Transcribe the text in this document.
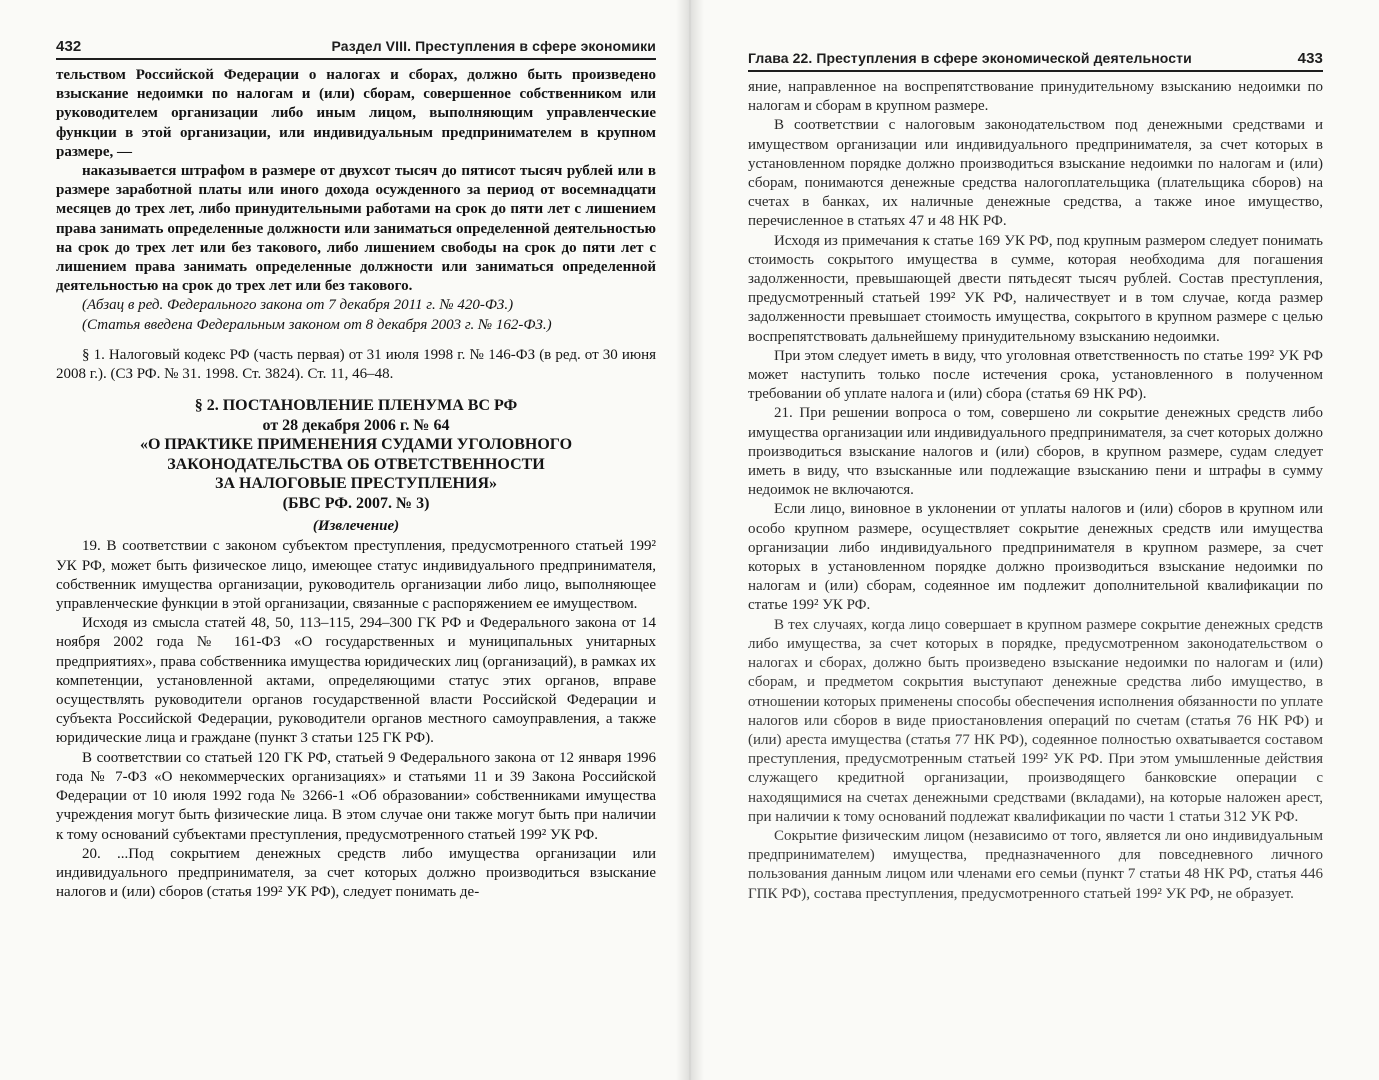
432	Раздел VIII. Преступления в сфере экономики

тельством Российской Федерации о налогах и сборах, должно быть произведено взыскание недоимки по налогам и (или) сборам, совершенное собственником или руководителем организации либо иным лицом, выполняющим управленческие функции в этой организации, или индивидуальным предпринимателем в крупном размере, —

наказывается штрафом в размере от двухсот тысяч до пятисот тысяч рублей или в размере заработной платы или иного дохода осужденного за период от восемнадцати месяцев до трех лет, либо принудительными работами на срок до пяти лет с лишением права занимать определенные должности или заниматься определенной деятельностью на срок до трех лет или без такового, либо лишением свободы на срок до пяти лет с лишением права занимать определенные должности или заниматься определенной деятельностью на срок до трех лет или без такового.

(Абзац в ред. Федерального закона от 7 декабря 2011 г. № 420-ФЗ.)

(Статья введена Федеральным законом от 8 декабря 2003 г. № 162-ФЗ.)

§ 1. Налоговый кодекс РФ (часть первая) от 31 июля 1998 г. № 146-ФЗ (в ред. от 30 июня 2008 г.). (СЗ РФ. № 31. 1998. Ст. 3824). Ст. 11, 46–48.

§ 2. ПОСТАНОВЛЕНИЕ ПЛЕНУМА ВС РФ
от 28 декабря 2006 г. № 64
«О ПРАКТИКЕ ПРИМЕНЕНИЯ СУДАМИ УГОЛОВНОГО
ЗАКОНОДАТЕЛЬСТВА ОБ ОТВЕТСТВЕННОСТИ
ЗА НАЛОГОВЫЕ ПРЕСТУПЛЕНИЯ»
(БВС РФ. 2007. № 3)
(Извлечение)

19. В соответствии с законом субъектом преступления, предусмотренного статьей 199² УК РФ, может быть физическое лицо, имеющее статус индивидуального предпринимателя, собственник имущества организации, руководитель организации либо лицо, выполняющее управленческие функции в этой организации, связанные с распоряжением ее имуществом.

Исходя из смысла статей 48, 50, 113–115, 294–300 ГК РФ и Федерального закона от 14 ноября 2002 года № 161-ФЗ «О государственных и муниципальных унитарных предприятиях», права собственника имущества юридических лиц (организаций), в рамках их компетенции, установленной актами, определяющими статус этих органов, вправе осуществлять руководители органов государственной власти Российской Федерации и субъекта Российской Федерации, руководители органов местного самоуправления, а также юридические лица и граждане (пункт 3 статьи 125 ГК РФ).

В соответствии со статьей 120 ГК РФ, статьей 9 Федерального закона от 12 января 1996 года № 7-ФЗ «О некоммерческих организациях» и статьями 11 и 39 Закона Российской Федерации от 10 июля 1992 года № 3266-1 «Об образовании» собственниками имущества учреждения могут быть физические лица. В этом случае они также могут быть при наличии к тому оснований субъектами преступления, предусмотренного статьей 199² УК РФ.

20. ...Под сокрытием денежных средств либо имущества организации или индивидуального предпринимателя, за счет которых должно производиться взыскание налогов и (или) сборов (статья 199² УК РФ), следует понимать де-

Глава 22. Преступления в сфере экономической деятельности	433

яние, направленное на воспрепятствование принудительному взысканию недоимки по налогам и сборам в крупном размере.

В соответствии с налоговым законодательством под денежными средствами и имуществом организации или индивидуального предпринимателя, за счет которых в установленном порядке должно производиться взыскание недоимки по налогам и (или) сборам, понимаются денежные средства налогоплательщика (плательщика сборов) на счетах в банках, их наличные денежные средства, а также иное имущество, перечисленное в статьях 47 и 48 НК РФ.

Исходя из примечания к статье 169 УК РФ, под крупным размером следует понимать стоимость сокрытого имущества в сумме, которая необходима для погашения задолженности, превышающей двести пятьдесят тысяч рублей. Состав преступления, предусмотренный статьей 199² УК РФ, наличествует и в том случае, когда размер задолженности превышает стоимость имущества, сокрытого в крупном размере с целью воспрепятствовать дальнейшему принудительному взысканию недоимки.

При этом следует иметь в виду, что уголовная ответственность по статье 199² УК РФ может наступить только после истечения срока, установленного в полученном требовании об уплате налога и (или) сбора (статья 69 НК РФ).

21. При решении вопроса о том, совершено ли сокрытие денежных средств либо имущества организации или индивидуального предпринимателя, за счет которых должно производиться взыскание налогов и (или) сборов, в крупном размере, судам следует иметь в виду, что взысканные или подлежащие взысканию пени и штрафы в сумму недоимок не включаются.

Если лицо, виновное в уклонении от уплаты налогов и (или) сборов в крупном или особо крупном размере, осуществляет сокрытие денежных средств или имущества организации либо индивидуального предпринимателя в крупном размере, за счет которых в установленном порядке должно производиться взыскание недоимки по налогам и (или) сборам, содеянное им подлежит дополнительной квалификации по статье 199² УК РФ.

В тех случаях, когда лицо совершает в крупном размере сокрытие денежных средств либо имущества, за счет которых в порядке, предусмотренном законодательством о налогах и сборах, должно быть произведено взыскание недоимки по налогам и (или) сборам, и предметом сокрытия выступают денежные средства либо имущество, в отношении которых применены способы обеспечения исполнения обязанности по уплате налогов или сборов в виде приостановления операций по счетам (статья 76 НК РФ) и (или) ареста имущества (статья 77 НК РФ), содеянное полностью охватывается составом преступления, предусмотренным статьей 199² УК РФ. При этом умышленные действия служащего кредитной организации, производящего банковские операции с находящимися на счетах денежными средствами (вкладами), на которые наложен арест, при наличии к тому оснований подлежат квалификации по части 1 статьи 312 УК РФ.

Сокрытие физическим лицом (независимо от того, является ли оно индивидуальным предпринимателем) имущества, предназначенного для повседневного личного пользования данным лицом или членами его семьи (пункт 7 статьи 48 НК РФ, статья 446 ГПК РФ), состава преступления, предусмотренного статьей 199² УК РФ, не образует.
